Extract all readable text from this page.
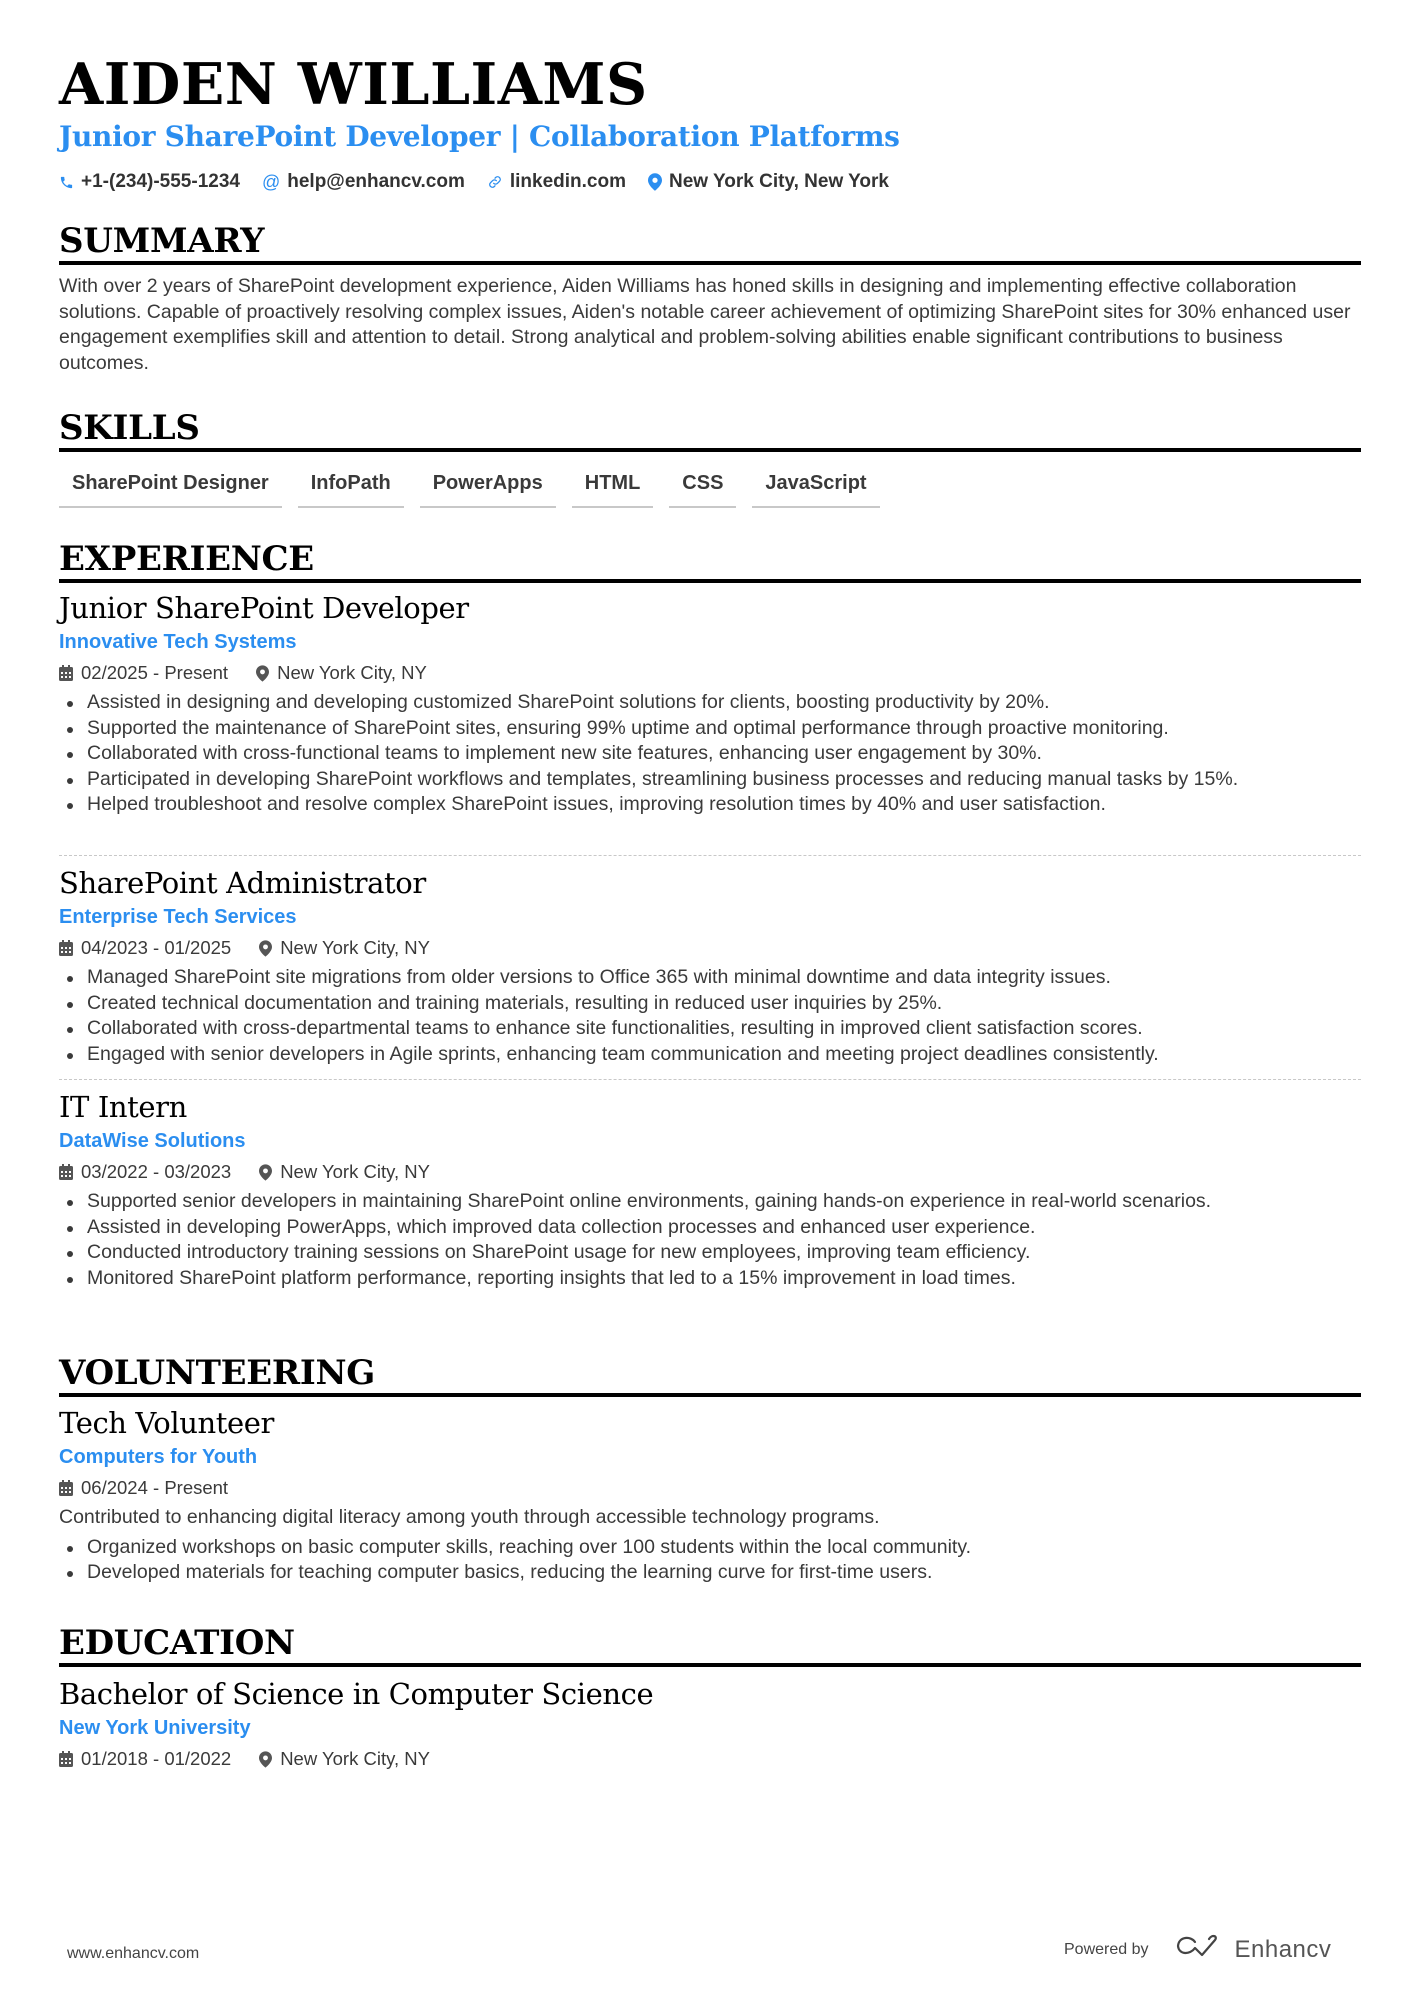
AIDEN WILLIAMS
Junior SharePoint Developer | Collaboration Platforms
+1-(234)-555-1234 @ help@enhancv.com linkedin.com New York City, New York
SUMMARY
With over 2 years of SharePoint development experience, Aiden Williams has honed skills in designing and implementing effective collaboration solutions. Capable of proactively resolving complex issues, Aiden's notable career achievement of optimizing SharePoint sites for 30% enhanced user engagement exemplifies skill and attention to detail. Strong analytical and problem-solving abilities enable significant contributions to business outcomes.
SKILLS
SharePoint Designer	InfoPath	PowerApps	HTML	CSS	JavaScript
EXPERIENCE
Junior SharePoint Developer
Innovative Tech Systems
02/2025 - Present	New York City, NY
Assisted in designing and developing customized SharePoint solutions for clients, boosting productivity by 20%.
Supported the maintenance of SharePoint sites, ensuring 99% uptime and optimal performance through proactive monitoring.
Collaborated with cross-functional teams to implement new site features, enhancing user engagement by 30%.
Participated in developing SharePoint workflows and templates, streamlining business processes and reducing manual tasks by 15%.
Helped troubleshoot and resolve complex SharePoint issues, improving resolution times by 40% and user satisfaction.
SharePoint Administrator
Enterprise Tech Services
04/2023 - 01/2025	New York City, NY
Managed SharePoint site migrations from older versions to Office 365 with minimal downtime and data integrity issues.
Created technical documentation and training materials, resulting in reduced user inquiries by 25%.
Collaborated with cross-departmental teams to enhance site functionalities, resulting in improved client satisfaction scores.
Engaged with senior developers in Agile sprints, enhancing team communication and meeting project deadlines consistently.
IT Intern
DataWise Solutions
03/2022 - 03/2023	New York City, NY
Supported senior developers in maintaining SharePoint online environments, gaining hands-on experience in real-world scenarios.
Assisted in developing PowerApps, which improved data collection processes and enhanced user experience.
Conducted introductory training sessions on SharePoint usage for new employees, improving team efficiency.
Monitored SharePoint platform performance, reporting insights that led to a 15% improvement in load times.
VOLUNTEERING
Tech Volunteer
Computers for Youth
06/2024 - Present
Contributed to enhancing digital literacy among youth through accessible technology programs.
Organized workshops on basic computer skills, reaching over 100 students within the local community.
Developed materials for teaching computer basics, reducing the learning curve for first-time users.
EDUCATION
Bachelor of Science in Computer Science
New York University
01/2018 - 01/2022	New York City, NY
www.enhancv.com	Powered by	Enhancv
